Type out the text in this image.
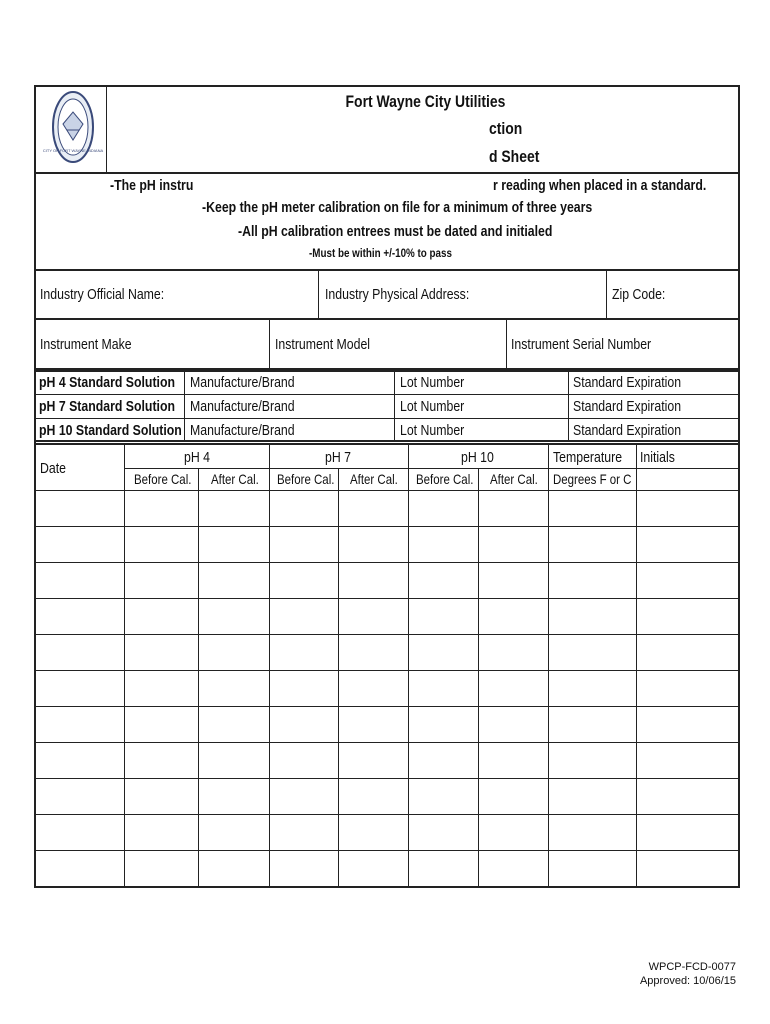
CITY OF FORT WAYNE INDIANA
Fort Wayne City Utilities
ction
d Sheet
-The pH instru	r reading when placed in a standard.
-Keep the pH meter calibration on file for a minimum of three years
-All pH calibration entrees must be dated and initialed
-Must be within +/-10% to pass
Industry Official Name:	Industry Physical Address:	Zip Code:
Instrument Make	Instrument Model	Instrument Serial Number
pH 4 Standard Solution	Manufacture/Brand	Lot Number	Standard Expiration
pH 7 Standard Solution	Manufacture/Brand	Lot Number	Standard Expiration
pH 10 Standard Solution Manufacture/Brand	Lot Number	Standard Expiration
Date
pH 4	pH 7	pH 10	Temperature	Initials
Before Cal.	After Cal.	Before Cal.	After Cal.	Before Cal.	After Cal.	Degrees F or C
WPCP-FCD-0077
Approved: 10/06/15
